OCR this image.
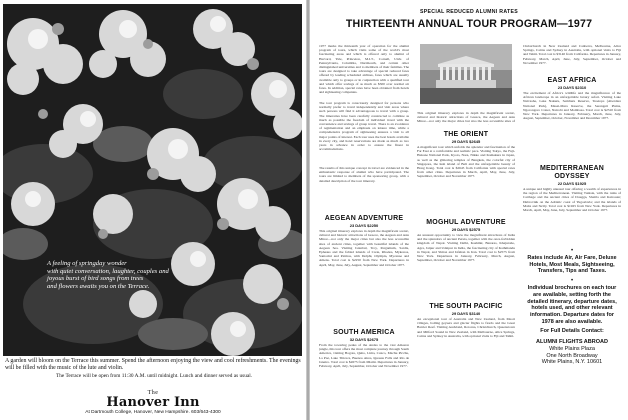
A feeling of springday wonder
with quiet conversation, laughter, couples and
joyous burst of bird songs from trees
and flowers awaits you on the Terrace.
A garden will bloom on the Terrace this summer. Spend the afternoon enjoying the view and cool refreshments. The evenings will be filled with the music of the lute and violin.
The Terrace will be open from 11:30 A.M. until midnight. Lunch and dinner served as usual.
The
Hanover Inn
At Dartmouth College, Hanover, New Hampshire. 603/643-4300
SPECIAL REDUCED ALUMNI RATES
THIRTEENTH ANNUAL TOUR PROGRAM—1977

1977 marks the thirteenth year of operation for the alumni program of tours, which visits some of the world's most fascinating areas and which is offered only to alumni of Harvard, Yale, Princeton, M.I.T., Cornell, Univ. of Pennsylvania, Columbia, Dartmouth, and certain other distinguished universities and to members of their families. The tours are designed to take advantage of special reduced fares offered by leading scheduled airlines, fares which are usually available only to groups or in conjunction with a qualified tour and which offer savings of as much as $500 over normal air fares. In addition, special rates have been obtained from hotels and sightseeing companies.

The tour program is consciously designed for persons who normally prefer to travel independently and visit areas where such persons will find it advantageous to travel with a group. The itineraries have been carefully constructed to combine as much as possible the freedom of individual travel with the convenience and savings of group travel. There is an avoidance of regimentation and an emphasis on leisure time, while a comprehensive program of sightseeing ensures a visit to all major points of interest. Each tour uses the best hotels available in every city, and hotel reservations are made as much as two years in advance in order to ensure the finest in accommodations.

The results of this unique concept in travel are evidenced in the enthusiastic response of alumni who have participated. The tours are limited to members of the sponsoring group, with a detailed description of the tour itinerary.

AEGEAN ADVENTURE
23 DAYS $2250

This original itinerary explores in depth the magnificent scenic, cultural and historic attractions of Greece, the Aegean and Asia Minor—not only the major cities but also the less accessible sites of ancient cities, together with beautiful islands of the Aegean Sea. Visiting Istanbul, Troy, Pergamum, Sardis, Ephesus and the fabled islands of Crete, Rhodes, Mykonos, Santorini and Patmos, with Delphi, Olympia, Mycenae and Athens. Total cost is $2250 from New York. Departures in April, May, June, July, August, September and October 1977.

SOUTH AMERICA
32 DAYS $2675

From the towering peaks of the Andes to the vast Amazon jungle, this tour offers the most complete journey through South America, visiting Bogota, Quito, Lima, Cuzco, Machu Picchu, La Paz, Lake Titicaca, Buenos Aires, Iguassu Falls and Rio de Janeiro. Total cost is $2675 from Miami. Departures in January, February, April, July, September, October and November 1977.

This original itinerary explores in depth the magnificent scenic, cultural and historic attractions of Greece, the Aegean and Asia Minor—not only the major cities but also the less accessible sites of

THE ORIENT
29 DAYS $2645

A magnificent tour which unfolds the splendor and fascination of the Far East at a comfortable and realistic pace. Visiting Tokyo, the Fuji-Hakone National Park, Kyoto, Nara, Nikko and Kamakura in Japan, as well as the glittering temples of Bangkok, the colorful city of Singapore, the lush island of Bali and the unforgettable beauty of Hong Kong. Total cost is $2645 from California with special rates from other cities. Departures in March, April, May, June, July, September, October and November 1977.

MOGHUL ADVENTURE
29 DAYS $2575

An unusual opportunity to view the magnificent attractions of India and the splendors of ancient Persia, together with the once-forbidden kingdom of Nepal. Visiting Delhi, Kashmir, Banaras, Khajuraho, Agra, Jaipur and Udaipur in India, the fascinating city of Kathmandu in Nepal, and Shiraz and Isfahan in Iran. Total cost is $2575 from New York. Departures in January, February, March, August, September, October and November 1977.

THE SOUTH PACIFIC
29 DAYS $3140

An exceptional tour of Australia and New Zealand, from Maori villages, boiling geysers and glacier flights to fiords and the Great Barrier Reef. Visiting Auckland, Rotorua, Christchurch, Queenstown and Milford Sound in New Zealand, with Melbourne, Alice Springs, Cairns and Sydney in Australia, with optional visits to Fiji and Tahiti.

Christchurch in New Zealand and Canberra, Melbourne, Alice Springs, Cairns and Sydney in Australia, with optional visits to Fiji and Tahiti. Total cost is $3140 from California. Departures in January, February, March, April, June, July, September, October and November 1977.

EAST AFRICA
23 DAYS $2310

The excitement of Africa's wildlife and the magnificence of the African landscape in an unforgettable luxury safari. Visiting Lake Naivasha, Lake Nakuru, Samburu Reserve, Treetops (Aberdare National Park), Masai-Mara Reserve, the Serengeti Plains, Ngorongoro Crater, Nairobi and Mombasa. Total cost is $2310 from New York. Departures in January, February, March, June, July, August, September, October, November and December 1977.

MEDITERRANEAN ODYSSEY
22 DAYS $1925

A unique and highly unusual tour offering a wealth of experiences in the region of the Mediterranean. Visiting Tunisia, with the ruins of Carthage and the ancient cities of Dougga, Sbeitla and Kairouan; Dubrovnik on the Adriatic coast of Yugoslavia; and the islands of Malta and Sicily. Total cost is $1925 from New York. Departures in March, April, May, June, July, September and October 1977.

•
Rates include Air, Air Fare, Deluxe
Hotels, Most Meals, Sightseeing,
Transfers, Tips and Taxes.
•
Individual brochures on each tour
are available, setting forth the
detailed itinerary, departure dates,
hotels used, and other relevant
information. Departure dates for
1978 are also available.
For Full Details Contact:
ALUMNI FLIGHTS ABROAD
White Plains Plaza
One North Broadway
White Plains, N.Y. 10601
